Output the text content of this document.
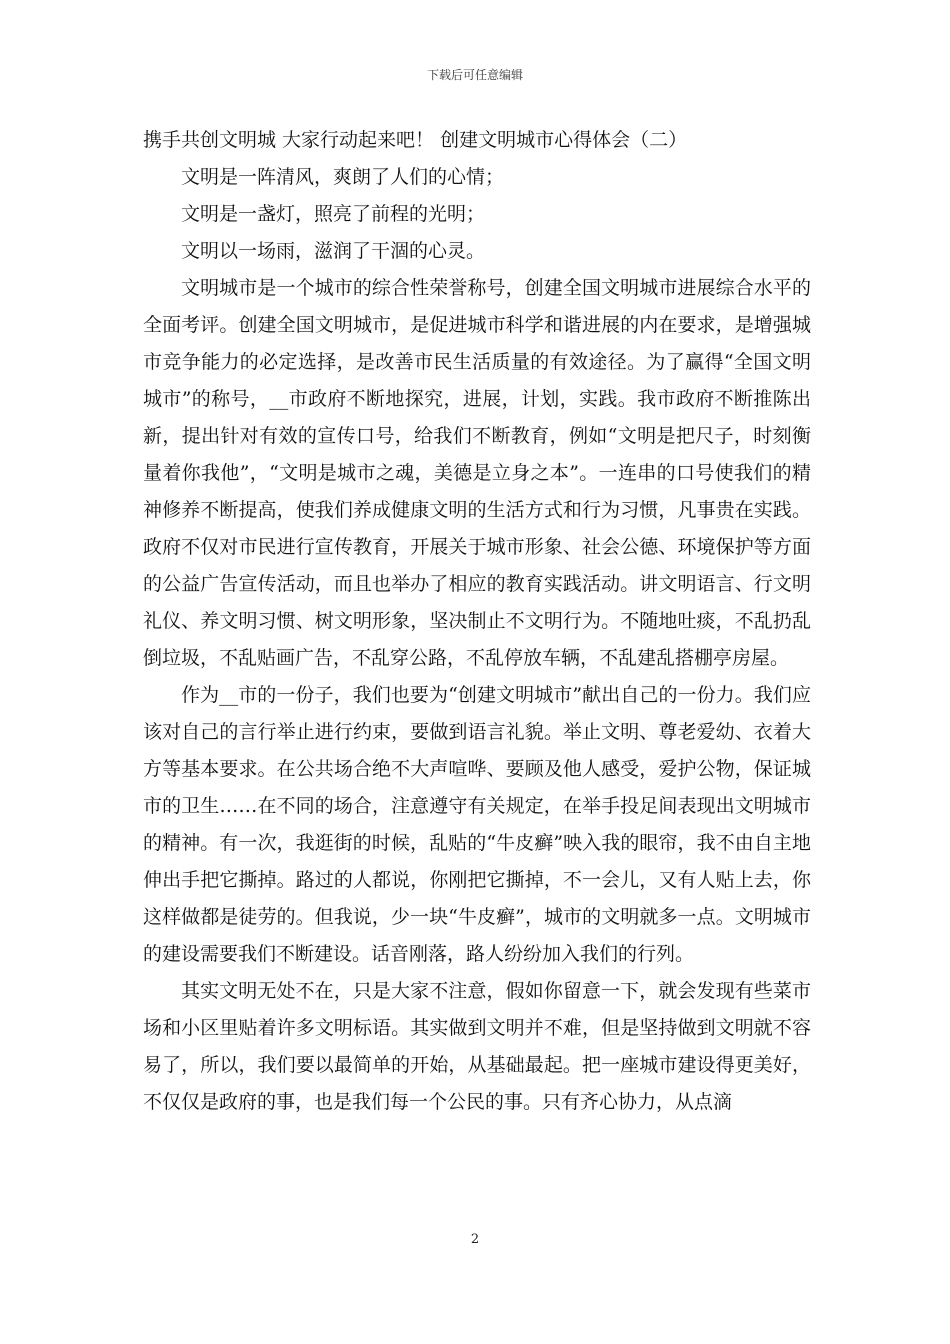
下载后可任意编辑
携手共创文明城 大家行动起来吧！ 创建文明城市心得体会（二）

文明是一阵清风，爽朗了人们的心情；

文明是一盏灯，照亮了前程的光明；

文明以一场雨，滋润了干涸的心灵。

文明城市是一个城市的综合性荣誉称号，创建全国文明城市进展综合水平的全面考评。创建全国文明城市，是促进城市科学和谐进展的内在要求，是增强城市竞争能力的必定选择，是改善市民生活质量的有效途径。为了赢得“全国文明城市”的称号，__市政府不断地探究，进展，计划，实践。我市政府不断推陈出新，提出针对有效的宣传口号，给我们不断教育，例如“文明是把尺子，时刻衡量着你我他”，“文明是城市之魂，美德是立身之本”。一连串的口号使我们的精神修养不断提高，使我们养成健康文明的生活方式和行为习惯，凡事贵在实践。政府不仅对市民进行宣传教育，开展关于城市形象、社会公德、环境保护等方面的公益广告宣传活动，而且也举办了相应的教育实践活动。讲文明语言、行文明礼仪、养文明习惯、树文明形象，坚决制止不文明行为。不随地吐痰，不乱扔乱倒垃圾，不乱贴画广告，不乱穿公路，不乱停放车辆，不乱建乱搭棚亭房屋。

作为__市的一份子，我们也要为“创建文明城市”献出自己的一份力。我们应该对自己的言行举止进行约束，要做到语言礼貌。举止文明、尊老爱幼、衣着大方等基本要求。在公共场合绝不大声喧哗、要顾及他人感受，爱护公物，保证城市的卫生……在不同的场合，注意遵守有关规定，在举手投足间表现出文明城市的精神。有一次，我逛街的时候，乱贴的“牛皮癣”映入我的眼帘，我不由自主地伸出手把它撕掉。路过的人都说，你刚把它撕掉，不一会儿，又有人贴上去，你这样做都是徒劳的。但我说，少一块“牛皮癣”，城市的文明就多一点。文明城市的建设需要我们不断建设。话音刚落，路人纷纷加入我们的行列。

其实文明无处不在，只是大家不注意，假如你留意一下，就会发现有些菜市场和小区里贴着许多文明标语。其实做到文明并不难，但是坚持做到文明就不容易了，所以，我们要以最简单的开始，从基础最起。把一座城市建设得更美好，不仅仅是政府的事，也是我们每一个公民的事。只有齐心协力，从点滴

2
